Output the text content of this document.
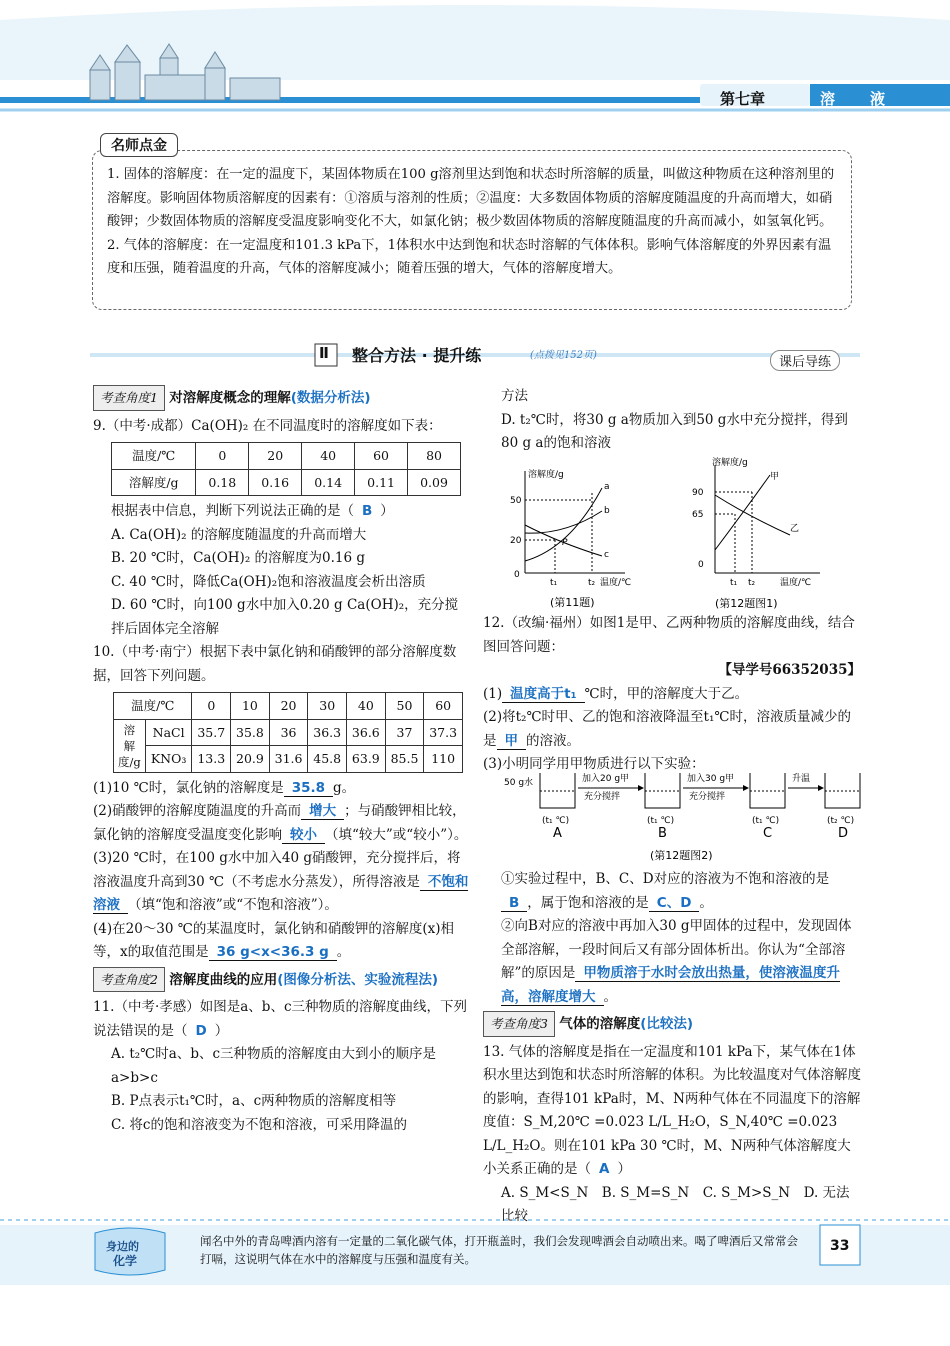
第七章	溶　液

1. 固体的溶解度：在一定的温度下，某固体物质在100 g溶剂里达到饱和状态时所溶解的质量，叫做这种物质在这种溶剂里的溶解度。影响固体物质溶解度的因素有：①溶质与溶剂的性质；②温度：大多数固体物质的溶解度随温度的升高而增大，如硝酸钾；少数固体物质的溶解度受温度影响变化不大，如氯化钠；极少数固体物质的溶解度随温度的升高而减小，如氢氧化钙。

2. 气体的溶解度：在一定温度和101.3 kPa下，1体积水中达到饱和状态时溶解的气体体积。影响气体溶解度的外界因素有温度和压强，随着温度的升高，气体的溶解度减小；随着压强的增大，气体的溶解度增大。

名师点金
Ⅱ 整合方法 · 提升练	(点拨见152页)	课后导练
考查角度1 对溶解度概念的理解(数据分析法)
9.（中考·成都）Ca(OH)₂ 在不同温度时的溶解度如下表：
温度/℃	0	20	40	60	80
溶解度/g	0.18	0.16	0.14	0.11	0.09
根据表中信息，判断下列说法正确的是（ B ）
A. Ca(OH)₂ 的溶解度随温度的升高而增大
B. 20 ℃时，Ca(OH)₂ 的溶解度为0.16 g
C. 40 ℃时，降低Ca(OH)₂饱和溶液温度会析出溶质
D. 60 ℃时，向100 g水中加入0.20 g Ca(OH)₂，充分搅拌后固体完全溶解
10.（中考·南宁）根据下表中氯化钠和硝酸钾的部分溶解度数据，回答下列问题。
温度/℃		0	10	20	30	40	50	60
溶解度/g	NaCl	35.7	35.8	36	36.3	36.6	37	37.3
	KNO₃	13.3	20.9	31.6	45.8	63.9	85.5	110
(1)10 ℃时，氯化钠的溶解度是 35.8 g。
(2)硝酸钾的溶解度随温度的升高而 增大 ；与硝酸钾相比较，氯化钠的溶解度受温度变化影响 较小 （填“较大”或“较小”）。
(3)20 ℃时，在100 g水中加入40 g硝酸钾，充分搅拌后，将溶液温度升高到30 ℃（不考虑水分蒸发），所得溶液是 不饱和溶液 （填“饱和溶液”或“不饱和溶液”）。
(4)在20～30 ℃的某温度时，氯化钠和硝酸钾的溶解度(x)相等，x的取值范围是 36 g<x<36.3 g 。
考查角度2 溶解度曲线的应用(图像分析法、实验流程法)
11.（中考·孝感）如图是a、b、c三种物质的溶解度曲线，下列说法错误的是（ D ）
A. t₂℃时a、b、c三种物质的溶解度由大到小的顺序是a>b>c
B. P点表示t₁℃时，a、c两种物质的溶解度相等
C. 将c的饱和溶液变为不饱和溶液，可采用降温的
方法
D. t₂℃时，将30 g a物质加入到50 g水中充分搅拌，得到80 g a的饱和溶液
溶解度/g
50
20
0
a
b
c
P
t₁	t₂ 温度/℃
(第11题)
溶解度/g
90
65
0
甲
乙
t₁ t₂	温度/℃
(第12题图1)
12.（改编·福州）如图1是甲、乙两种物质的溶解度曲线，结合图回答问题：
【导学号66352035】
(1) 温度高于t₁ ℃时，甲的溶解度大于乙。
(2)将t₂℃时甲、乙的饱和溶液降温至t₁℃时，溶液质量减少的是 甲 的溶液。
(3)小明同学用甲物质进行以下实验：
50 g水	加入20 g甲
充分搅拌
加入30 g甲
充分搅拌
升温
(t₁ ℃)	(t₁ ℃)	(t₁ ℃)	(t₂ ℃)
A	B	C	D
(第12题图2)
①实验过程中，B、C、D对应的溶液为不饱和溶液的是B ，属于饱和溶液的是 C、D 。
②向B对应的溶液中再加入30 g甲固体的过程中，发现固体全部溶解，一段时间后又有部分固体析出。你认为“全部溶解”的原因是 甲物质溶于水时会放出热量，使溶液温度升高，溶解度增大 。
考查角度3 气体的溶解度(比较法)
13. 气体的溶解度是指在一定温度和101 kPa下，某气体在1体积水里达到饱和状态时所溶解的体积。为比较温度对气体溶解度的影响，查得101 kPa时，M、N两种气体在不同温度下的溶解度值：S_M,20℃ =0.023 L/L_H₂O，S_N,40℃ =0.023 L/L_H₂O。则在101 kPa 30 ℃时，M、N两种气体溶解度大小关系正确的是（ A ）
A. S_M<S_N　B. S_M=S_N　C. S_M>S_N　D. 无法比较
身边的
化学
闻名中外的青岛啤酒内溶有一定量的二氧化碳气体，打开瓶盖时，我们会发现啤酒会自动喷出来。喝了啤酒后又常常会打嗝，这说明气体在水中的溶解度与压强和温度有关。
33
